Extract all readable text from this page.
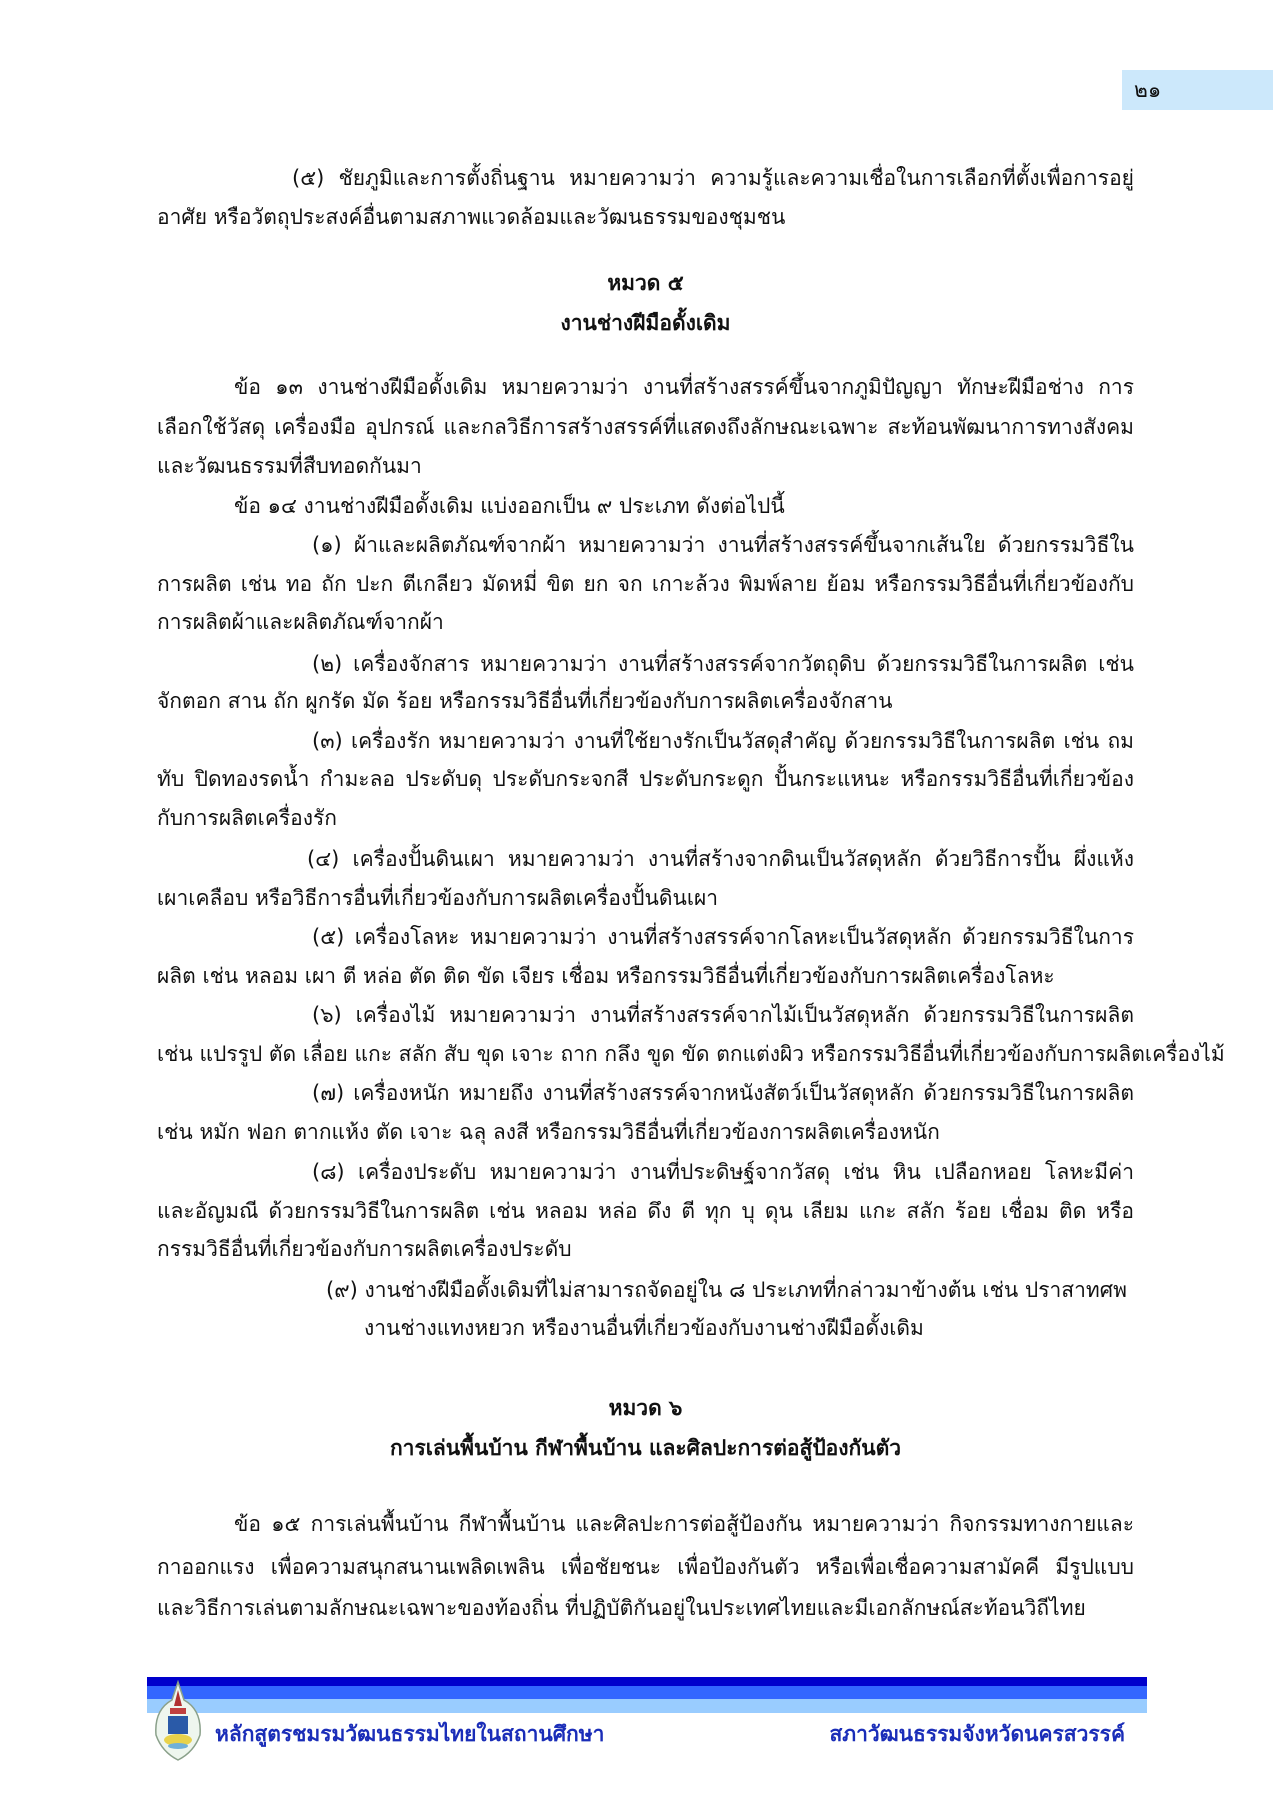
๒๑
(๕) ชัยภูมิและการตั้งถิ่นฐาน หมายความว่า ความรู้และความเชื่อในการเลือกที่ตั้งเพื่อการอยู่
อาศัย หรือวัตถุประสงค์อื่นตามสภาพแวดล้อมและวัฒนธรรมของชุมชน
หมวด ๕
งานช่างฝีมือดั้งเดิม
ข้อ ๑๓ งานช่างฝีมือดั้งเดิม หมายความว่า งานที่สร้างสรรค์ขึ้นจากภูมิปัญญา ทักษะฝีมือช่าง การ
เลือกใช้วัสดุ เครื่องมือ อุปกรณ์ และกลวิธีการสร้างสรรค์ที่แสดงถึงลักษณะเฉพาะ สะท้อนพัฒนาการทางสังคม
และวัฒนธรรมที่สืบทอดกันมา
ข้อ ๑๔ งานช่างฝีมือดั้งเดิม แบ่งออกเป็น ๙ ประเภท ดังต่อไปนี้
(๑) ผ้าและผลิตภัณฑ์จากผ้า หมายความว่า งานที่สร้างสรรค์ขึ้นจากเส้นใย ด้วยกรรมวิธีใน
การผลิต เช่น ทอ ถัก ปะก ตีเกลียว มัดหมี่ ขิต ยก จก เกาะล้วง พิมพ์ลาย ย้อม หรือกรรมวิธีอื่นที่เกี่ยวข้องกับ
การผลิตผ้าและผลิตภัณฑ์จากผ้า
(๒) เครื่องจักสาร หมายความว่า งานที่สร้างสรรค์จากวัตถุดิบ ด้วยกรรมวิธีในการผลิต เช่น
จักตอก สาน ถัก ผูกรัด มัด ร้อย หรือกรรมวิธีอื่นที่เกี่ยวข้องกับการผลิตเครื่องจักสาน
(๓) เครื่องรัก หมายความว่า งานที่ใช้ยางรักเป็นวัสดุสำคัญ ด้วยกรรมวิธีในการผลิต เช่น ถม
ทับ ปิดทองรดน้ำ กำมะลอ ประดับดุ ประดับกระจกสี ประดับกระดูก ปั้นกระแหนะ หรือกรรมวิธีอื่นที่เกี่ยวข้อง
กับการผลิตเครื่องรัก
(๔) เครื่องปั้นดินเผา หมายความว่า งานที่สร้างจากดินเป็นวัสดุหลัก ด้วยวิธีการปั้น ผึ่งแห้ง
เผาเคลือบ หรือวิธีการอื่นที่เกี่ยวข้องกับการผลิตเครื่องปั้นดินเผา
(๕) เครื่องโลหะ หมายความว่า งานที่สร้างสรรค์จากโลหะเป็นวัสดุหลัก ด้วยกรรมวิธีในการ
ผลิต เช่น หลอม เผา ตี หล่อ ตัด ติด ขัด เจียร เชื่อม หรือกรรมวิธีอื่นที่เกี่ยวข้องกับการผลิตเครื่องโลหะ
(๖) เครื่องไม้ หมายความว่า งานที่สร้างสรรค์จากไม้เป็นวัสดุหลัก ด้วยกรรมวิธีในการผลิต
เช่น แปรรูป ตัด เลื่อย แกะ สลัก สับ ขุด เจาะ ถาก กลึง ขูด ขัด ตกแต่งผิว หรือกรรมวิธีอื่นที่เกี่ยวข้องกับการผลิตเครื่องไม้
(๗) เครื่องหนัก หมายถึง งานที่สร้างสรรค์จากหนังสัตว์เป็นวัสดุหลัก ด้วยกรรมวิธีในการผลิต
เช่น หมัก ฟอก ตากแห้ง ตัด เจาะ ฉลุ ลงสี หรือกรรมวิธีอื่นที่เกี่ยวข้องการผลิตเครื่องหนัก
(๘) เครื่องประดับ หมายความว่า งานที่ประดิษฐ์จากวัสดุ เช่น หิน เปลือกหอย โลหะมีค่า
และอัญมณี ด้วยกรรมวิธีในการผลิต เช่น หลอม หล่อ ดึง ตี ทุก บุ ดุน เลียม แกะ สลัก ร้อย เชื่อม ติด หรือ
กรรมวิธีอื่นที่เกี่ยวข้องกับการผลิตเครื่องประดับ
(๙) งานช่างฝีมือดั้งเดิมที่ไม่สามารถจัดอยู่ใน ๘ ประเภทที่กล่าวมาข้างต้น เช่น ปราสาทศพ
งานช่างแทงหยวก หรืองานอื่นที่เกี่ยวข้องกับงานช่างฝีมือดั้งเดิม
หมวด ๖
การเล่นพื้นบ้าน กีฬาพื้นบ้าน และศิลปะการต่อสู้ป้องกันตัว
ข้อ ๑๕ การเล่นพื้นบ้าน กีฬาพื้นบ้าน และศิลปะการต่อสู้ป้องกัน หมายความว่า กิจกรรมทางกายและ
กาออกแรง เพื่อความสนุกสนานเพลิดเพลิน เพื่อชัยชนะ เพื่อป้องกันตัว หรือเพื่อเชื่อความสามัคคี มีรูปแบบ
และวิธีการเล่นตามลักษณะเฉพาะของท้องถิ่น ที่ปฏิบัติกันอยู่ในประเทศไทยและมีเอกลักษณ์สะท้อนวิถีไทย
หลักสูตรชมรมวัฒนธรรมไทยในสถานศึกษา	สภาวัฒนธรรมจังหวัดนครสวรรค์
